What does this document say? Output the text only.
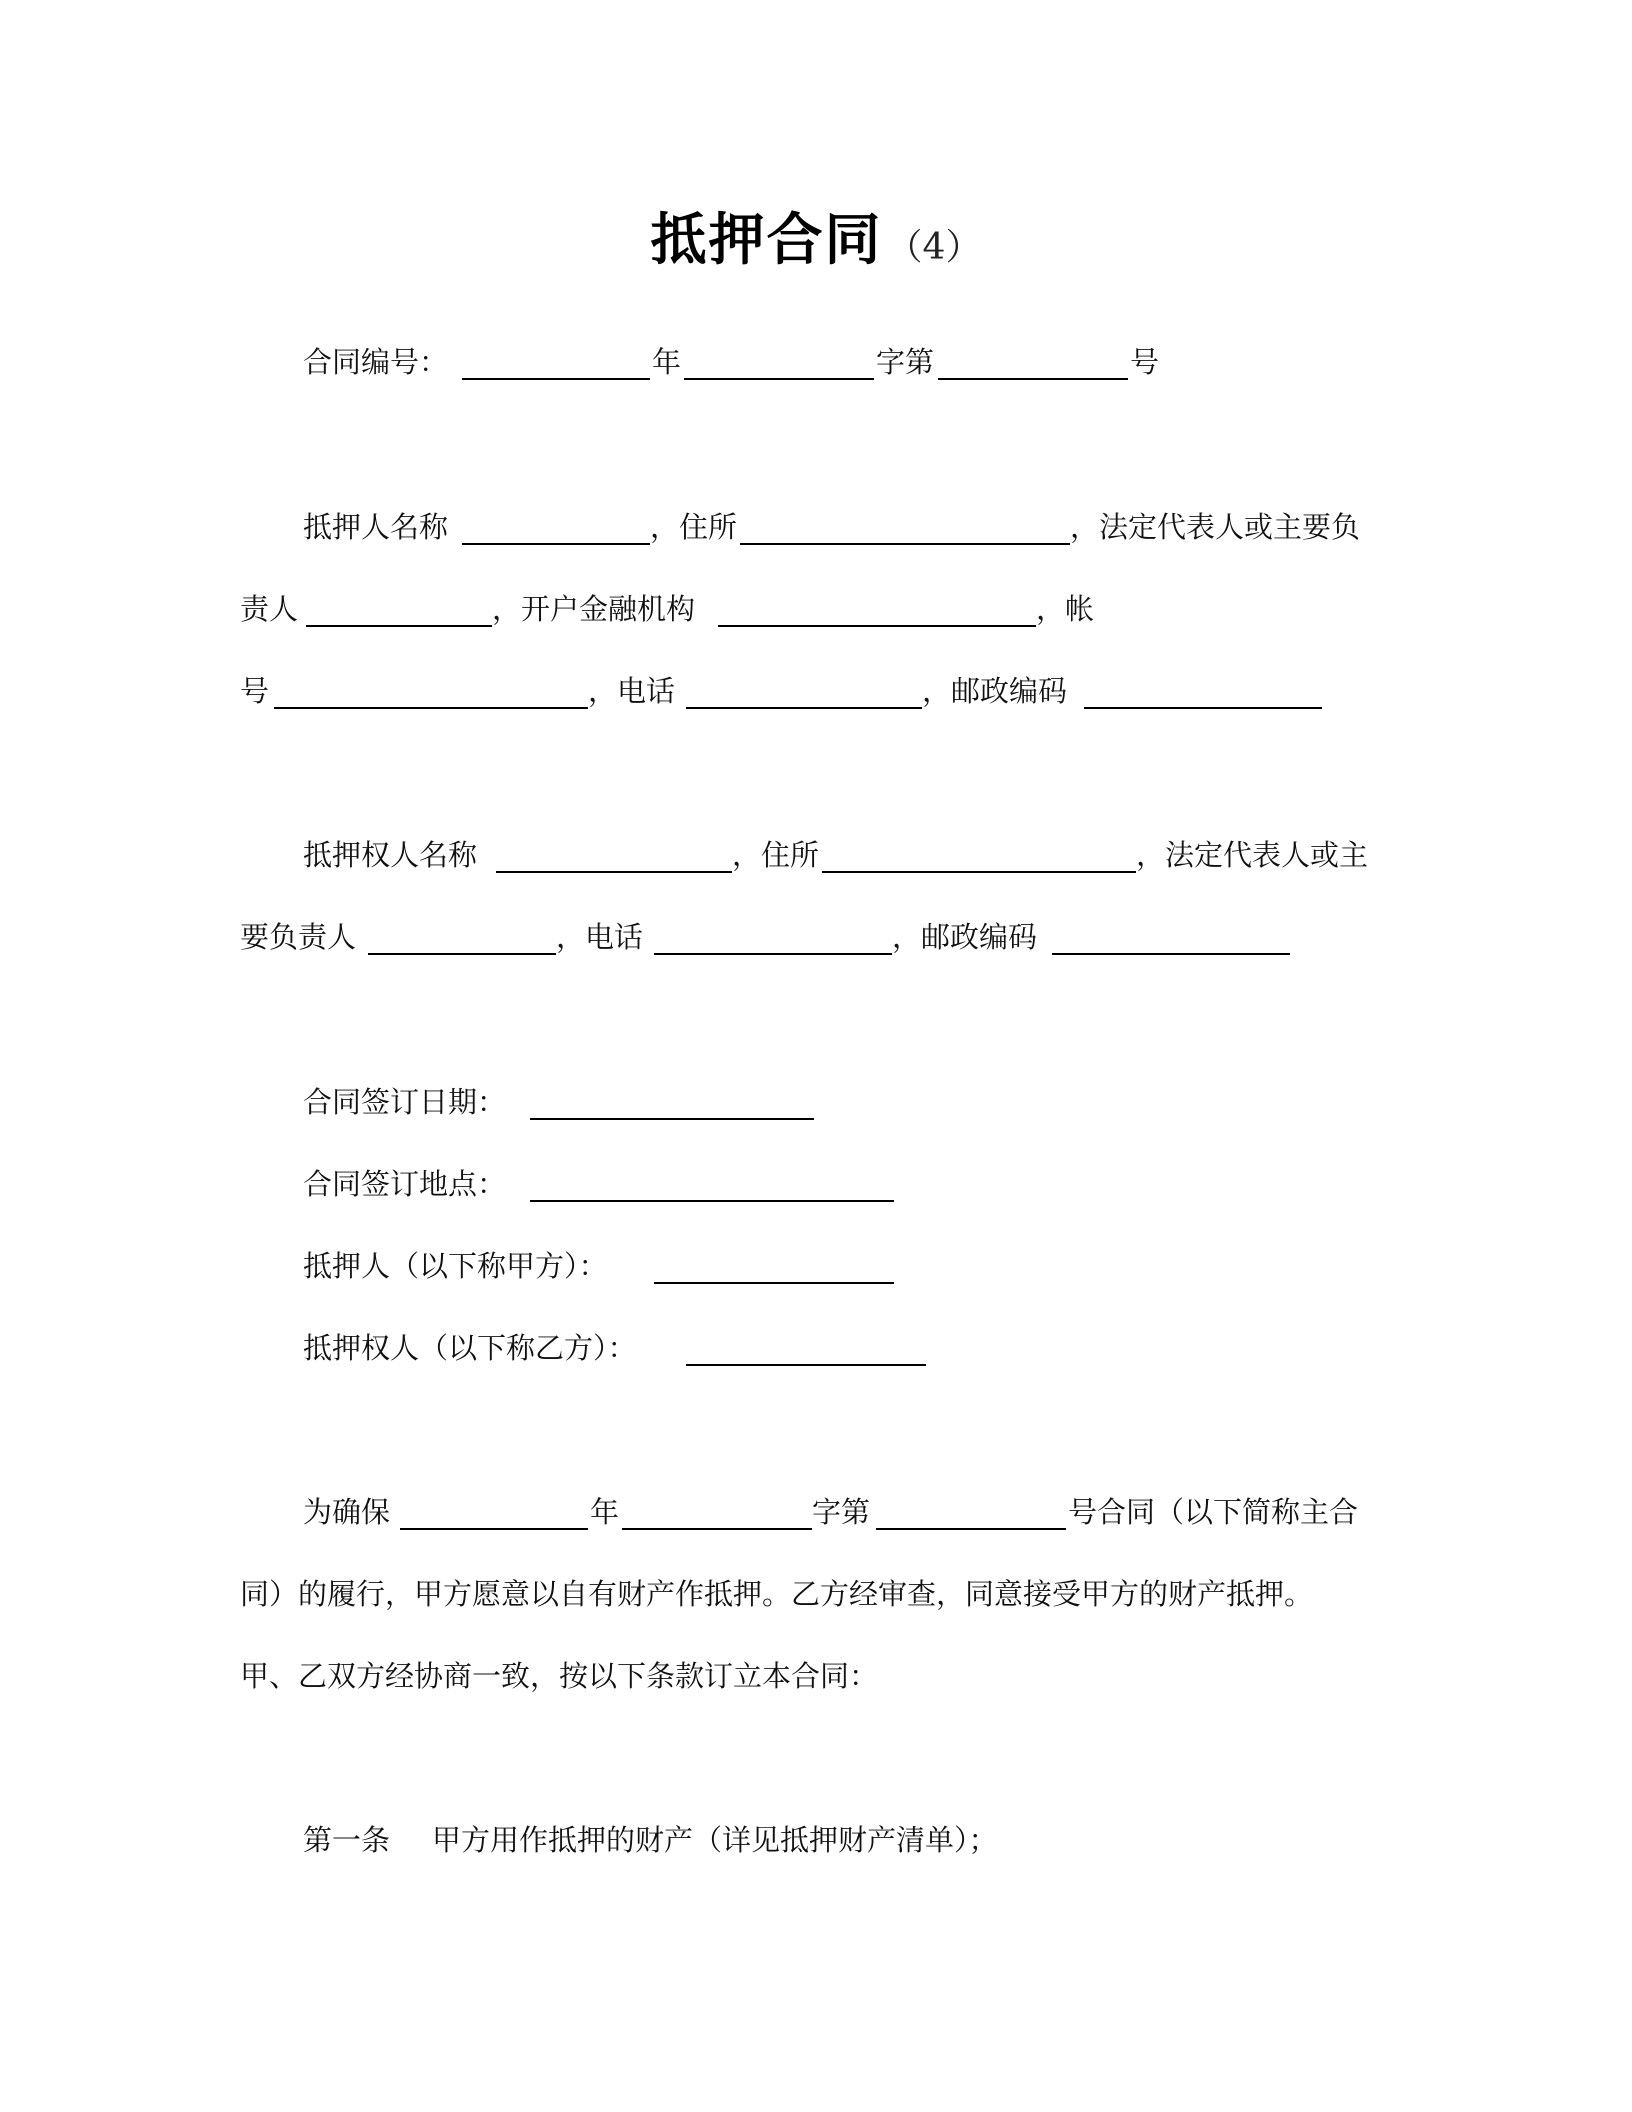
抵押合同 （4）
合同编号：	年	字第	号
抵押人名称	，住所	，法定代表人或主要负
责人	，开户金融机构	，帐
号	，电话	，邮政编码
抵押权人名称	，住所	，法定代表人或主
要负责人	，电话	，邮政编码
合同签订日期：
合同签订地点：
抵押人（以下称甲方）：
抵押权人（以下称乙方）：
为确保	年	字第	号合同（以下简称主合
同）的履行，甲方愿意以自有财产作抵押。乙方经审查，同意接受甲方的财产抵押。
甲、乙双方经协商一致，按以下条款订立本合同：
第一条 甲方用作抵押的财产（详见抵押财产清单）；
